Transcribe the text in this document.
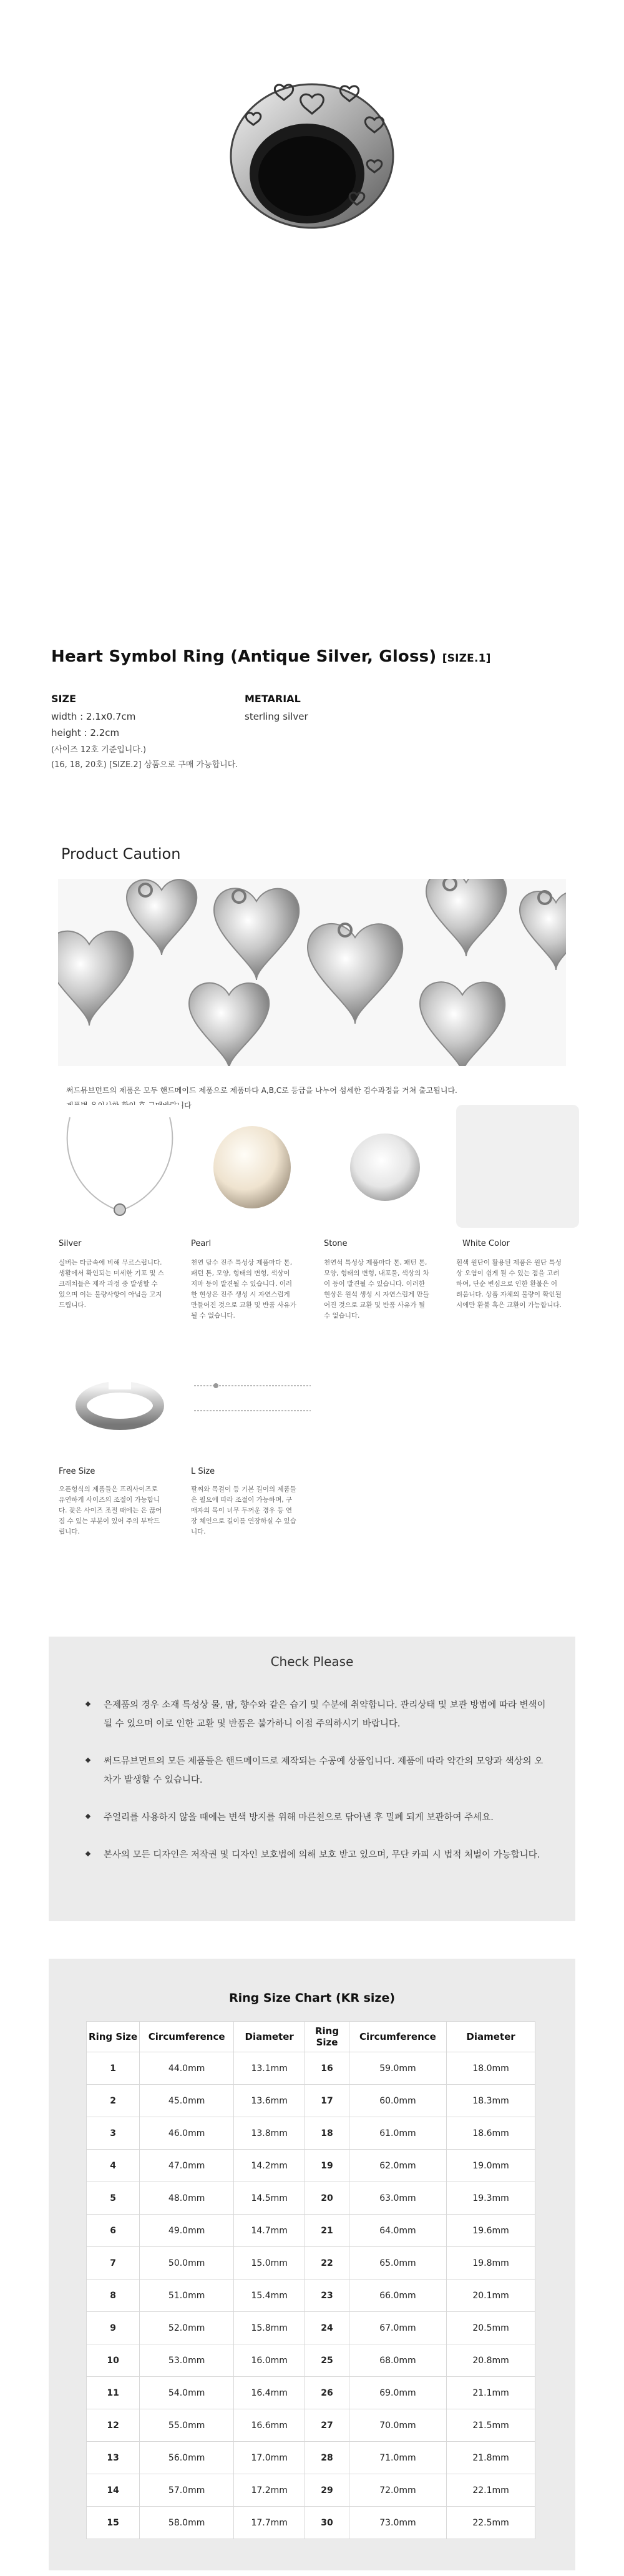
Heart Symbol Ring (Antique Silver, Gloss) [SIZE.1]
SIZE
width : 2.1x0.7cm
height : 2.2cm
(사이즈 12호 기준입니다.)
(16, 18, 20호) [SIZE.2] 상품으로 구매 가능합니다.
METARIAL
sterling silver
Product Caution
써드뮤브먼트의 제품은 모두 핸드메이드 제품으로 제품마다 A,B,C로 등급을 나누어 섬세한 검수과정을 거쳐 출고됩니다.
Silver	Pearl	Stone	White Color
실버는 타금속에 비해 무르스럽니다. 생활에서 확인되는 미세한 기포 및 스크래치들은 제작 과정 중 발생할 수 있으며 이는 불량사항이 아님을 고지드립니다.
천연 담수 진주 특성상 제품마다 톤, 패턴 톤, 모양, 형태의 변형, 색상이 저마 등이 발견될 수 있습니다. 이러한 현상은 진주 생성 시 자연스럽게 만들어진 것으로 교환 및 반품 사유가 될 수 없습니다.
천연석 특성상 제품마다 톤, 패턴 톤, 모양, 형태의 변형, 내포물, 색상의 차이 등이 발견될 수 있습니다. 이러한 현상은 원석 생성 시 자연스럽게 만들어진 것으로 교환 및 반품 사유가 될 수 없습니다.
흰색 원단이 활용된 제품은 원단 특성상 오염이 쉽게 될 수 있는 점을 고려하여, 단순 변심으로 인한 환불은 어려웁니다. 상품 자체의 불량이 확인될 시에만 환불 혹은 교환이 가능합니다.
Free Size	L Size
오픈형식의 제품들은 프리사이즈로 유연하게 사이즈의 조절이 가능합니다. 잦은 사이즈 조절 때에는 은 끊어짐 수 있는 부분이 있어 주의 부탁드립니다.
팔찌와 목걸이 등 기본 길이의 제품들은 필요에 따라 조절이 가능하며, 구매자의 목이 너무 두꺼운 경우 등 연장 체인으로 길이를 연장하실 수 있습니다.
Check Please
은제품의 경우 소재 특성상 물, 땀, 향수와 같은 습기 및 수분에 취약합니다. 관리상태 및 보관 방법에 따라 변색이 될 수 있으며 이로 인한 교환 및 반품은 불가하니 이점 주의하시기 바랍니다.
써드뮤브먼트의 모든 제품들은 핸드메이드로 제작되는 수공예 상품입니다. 제품에 따라 약간의 모양과 색상의 오차가 발생할 수 있습니다.
주얼리를 사용하지 않을 때에는 변색 방지를 위해 마른천으로 닦아낸 후 밀폐 되게 보관하여 주세요.
본사의 모든 디자인은 저작권 및 디자인 보호법에 의해 보호 받고 있으며, 무단 카피 시 법적 처벌이 가능합니다.
Ring Size Chart (KR size)
Ring Size	Circumference	Diameter	Ring Size	Circumference	Diameter
1	44.0mm	13.1mm	16	59.0mm	18.0mm
2	45.0mm	13.6mm	17	60.0mm	18.3mm
3	46.0mm	13.8mm	18	61.0mm	18.6mm
4	47.0mm	14.2mm	19	62.0mm	19.0mm
5	48.0mm	14.5mm	20	63.0mm	19.3mm
6	49.0mm	14.7mm	21	64.0mm	19.6mm
7	50.0mm	15.0mm	22	65.0mm	19.8mm
8	51.0mm	15.4mm	23	66.0mm	20.1mm
9	52.0mm	15.8mm	24	67.0mm	20.5mm
10	53.0mm	16.0mm	25	68.0mm	20.8mm
11	54.0mm	16.4mm	26	69.0mm	21.1mm
12	55.0mm	16.6mm	27	70.0mm	21.5mm
13	56.0mm	17.0mm	28	71.0mm	21.8mm
14	57.0mm	17.2mm	29	72.0mm	22.1mm
15	58.0mm	17.7mm	30	73.0mm	22.5mm
